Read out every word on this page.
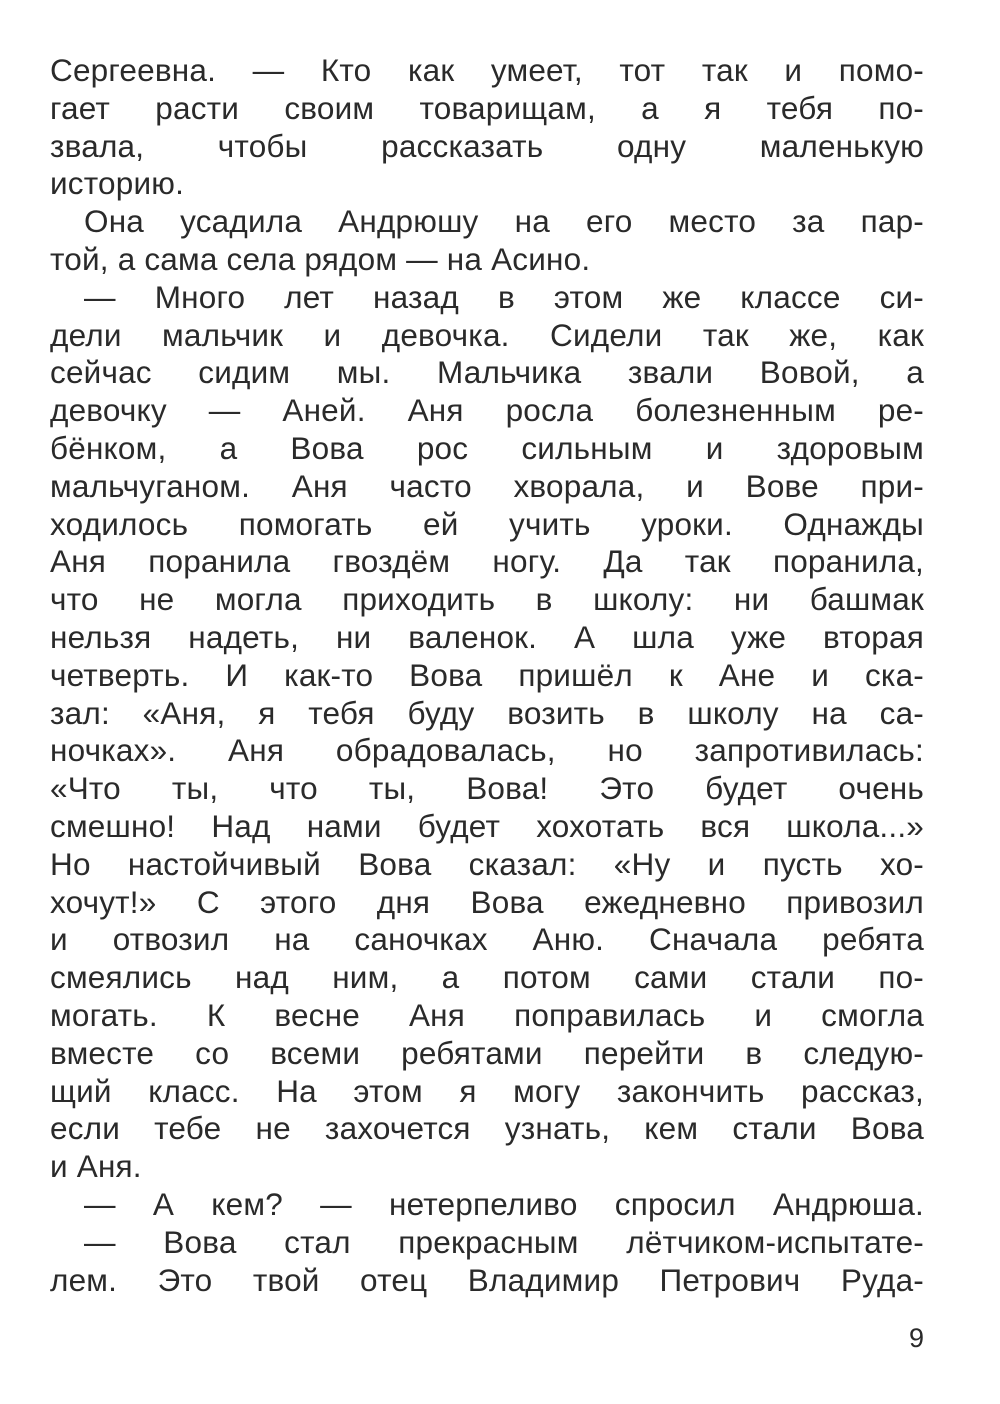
Сергеевна. — Кто как умеет, тот так и помо-
гает расти своим товарищам, а я тебя по-
звала, чтобы рассказать одну маленькую
историю.
Она усадила Андрюшу на его место за пар-
той, а сама села рядом — на Асино.
— Много лет назад в этом же классе си-
дели мальчик и девочка. Сидели так же, как
сейчас сидим мы. Мальчика звали Вовой, а
девочку — Аней. Аня росла болезненным ре-
бёнком, а Вова рос сильным и здоровым
мальчуганом. Аня часто хворала, и Вове при-
ходилось помогать ей учить уроки. Однажды
Аня поранила гвоздём ногу. Да так поранила,
что не могла приходить в школу: ни башмак
нельзя надеть, ни валенок. А шла уже вторая
четверть. И как-то Вова пришёл к Ане и ска-
зал: «Аня, я тебя буду возить в школу на са-
ночках». Аня обрадовалась, но запротивилась:
«Что ты, что ты, Вова! Это будет очень
смешно! Над нами будет хохотать вся школа...»
Но настойчивый Вова сказал: «Ну и пусть хо-
хочут!» С этого дня Вова ежедневно привозил
и отвозил на саночках Аню. Сначала ребята
смеялись над ним, а потом сами стали по-
могать. К весне Аня поправилась и смогла
вместе со всеми ребятами перейти в следую-
щий класс. На этом я могу закончить рассказ,
если тебе не захочется узнать, кем стали Вова
и Аня.
— А кем? — нетерпеливо спросил Андрюша.
— Вова стал прекрасным лётчиком-испытате-
лем. Это твой отец Владимир Петрович Руда-
9
